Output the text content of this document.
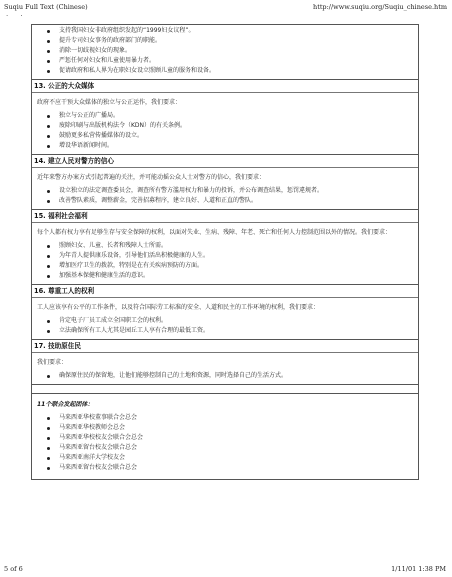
Suqiu Full Text (Chinese)	http://www.suqiu.org/Suqiu_chinese.htm
· ·
支持我国妇女非政府组织发起的“1999妇女议程”。
提升专司妇女事务的政府部门的职能。
消除一切歧视妇女的现象。
严惩任何对妇女和儿童使用暴力者。
促请政府和私人界为在职妇女设立照顾儿童的服务和设备。
13. 公正的大众媒体
政府不应干预大众媒体的独立与公正运作，我们要求：
独立与公正的广播局。
废除印刷与出版机构法令（KDN）的有关条例。
鼓励更多私营传播媒体的设立。
增设华语新闻时间。
14. 建立人民对警方的信心
近年来警方办案方式引起普遍的关注，并可能动摇公众人士对警方的信心，我们要求：
设立独立的法定调查委员会，调查所有警方滥用权力和暴力的投诉，并公布调查结果，惩罚違规者。
改善警队素质，调整薪金，完善招募程序，建立良好、人道和正直的警队。
15. 福利社会福利
每个人都有权力享有足够生存与安全保障的权利，以面对失业、生病、残障、年老、死亡和任何人力控制范围以外的情况。我们要求：
照顾妇女、儿童、长者和残障人士所需。
为年青人提供康乐设备，引导他们活出积极健康的人生。
增加医疗卫生的拨款，特别是在有关疾病预防的方面。
加强基本保健和健康生活的意识。
16. 尊重工人的权利
工人应该享有公平的工作条件，以及符合国际劳工标准的安全、人道和民主的工作环境的权利，我们要求：
肯定电子厂员工成立全国职工会的权利。
立法确保所有工人尤其是园丘工人享有合理的最低工资。
17. 技助原住民
我们要求：
确保原住民的保留地，让他们能够控制自己的土地和资源，同时选择自己的生活方式。
11个联合发起团体：
马来西亚华校董事联合会总会
马来西亚华校教师会总会
马来西亚华校校友会联合会总会
马来西亚留台校友会联合总会
马来西亚南洋大学校友会
马来西亚留台校友会联合总会
5 of 6	1/11/01 1:38 PM
